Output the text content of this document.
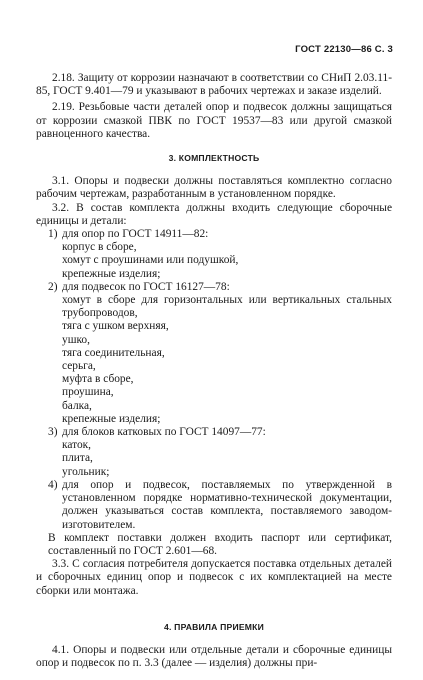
ГОСТ 22130—86 С. 3

2.18. Защиту от коррозии назначают в соответствии со СНиП 2.03.11-85, ГОСТ 9.401—79 и указывают в рабочих чертежах и заказе изделий.

2.19. Резьбовые части деталей опор и подвесок должны защищаться от коррозии смазкой ПВК по ГОСТ 19537—83 или другой смазкой равноценного качества.

3. КОМПЛЕКТНОСТЬ

3.1. Опоры и подвески должны поставляться комплектно согласно рабочим чертежам, разработанным в установленном порядке.

3.2. В состав комплекта должны входить следующие сборочные единицы и детали:

1) для опор по ГОСТ 14911—82:
корпус в сборе,
хомут с проушинами или подушкой,
крепежные изделия;
2) для подвесок по ГОСТ 16127—78:
хомут в сборе для горизонтальных или вертикальных стальных трубопроводов,
тяга с ушком верхняя,
ушко,
тяга соединительная,
серьга,
муфта в сборе,
проушина,
балка,
крепежные изделия;
3) для блоков катковых по ГОСТ 14097—77:
каток,
плита,
угольник;
4) для опор и подвесок, поставляемых по утвержденной в установленном порядке нормативно-технической документации, должен указываться состав комплекта, поставляемого заводом-изготовителем.

В комплект поставки должен входить паспорт или сертификат, составленный по ГОСТ 2.601—68.

3.3. С согласия потребителя допускается поставка отдельных деталей и сборочных единиц опор и подвесок с их комплектацией на месте сборки или монтажа.

4. ПРАВИЛА ПРИЕМКИ

4.1. Опоры и подвески или отдельные детали и сборочные единицы опор и подвесок по п. 3.3 (далее — изделия) должны при-
